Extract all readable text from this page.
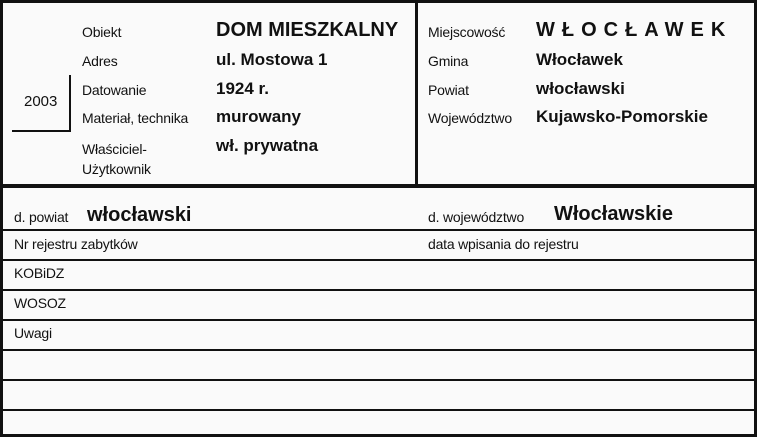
2003
Obiekt	DOM MIESZKALNY
Adres	ul. Mostowa 1
Datowanie	1924 r.
Materiał, technika murowany
Właściciel-
Użytkownik
wł. prywatna
Miejscowość WŁOCŁAWEK
Gmina	Włocławek
Powiat	włocławski
Województwo Kujawsko-Pomorskie
d. powiat włocławski	d. województwo Włocławskie
Nr rejestru zabytków	data wpisania do rejestru
KOBiDZ
WOSOZ
Uwagi
